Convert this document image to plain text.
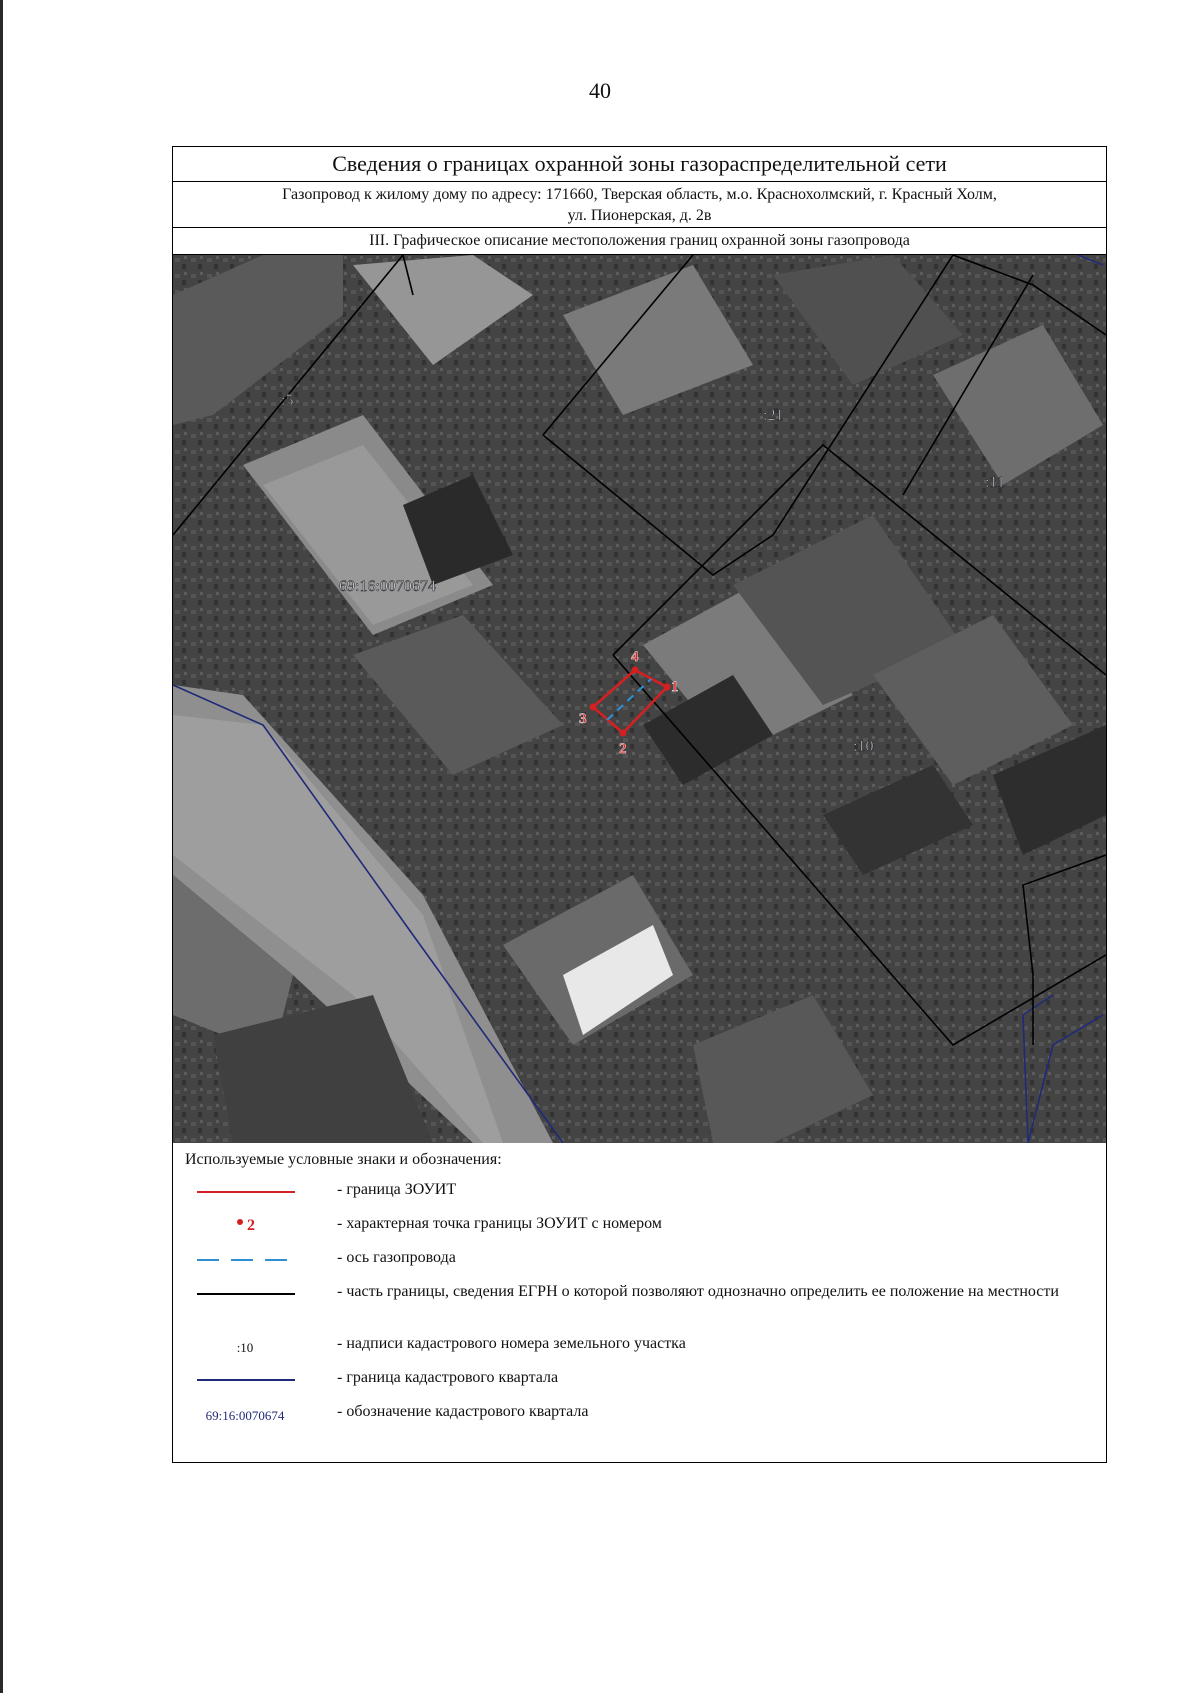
40
Сведения о границах охранной зоны газораспределительной сети
Газопровод к жилому дому по адресу: 171660, Тверская область, м.о. Краснохолмский, г. Красный Холм,
ул. Пионерская, д. 2в
III. Графическое описание местоположения границ охранной зоны газопровода
1
2
3
4
:5
:21
:11
:10
69:16:0070674
Используемые условные знаки и обозначения:
- граница ЗОУИТ
2	- характерная точка границы ЗОУИТ с номером
- ось газопровода
- часть границы, сведения ЕГРН о которой позволяют однозначно определить ее положение на местности
:10	- надписи кадастрового номера земельного участка
- граница кадастрового квартала
69:16:0070674	- обозначение кадастрового квартала
